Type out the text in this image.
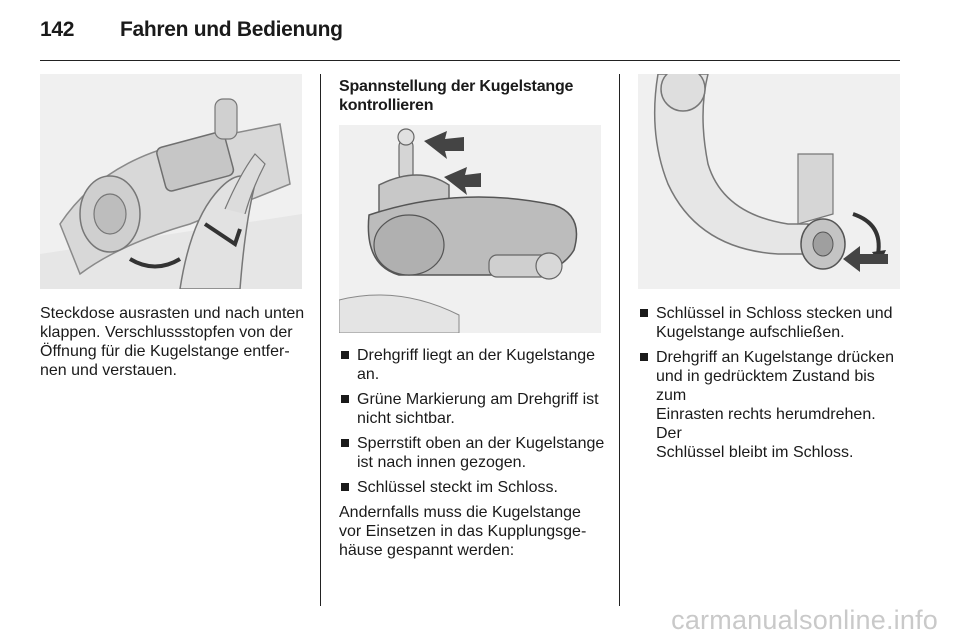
142 Fahren und Bedienung

Steckdose ausrasten und nach unten
klappen. Verschlussstopfen von der
Öffnung für die Kugelstange entfer-
nen und verstauen.

Spannstellung der Kugelstange
kontrollieren

Drehgriff liegt an der Kugelstange
an.
Grüne Markierung am Drehgriff ist
nicht sichtbar.
Sperrstift oben an der Kugelstange
ist nach innen gezogen.
Schlüssel steckt im Schloss.

Andernfalls muss die Kugelstange
vor Einsetzen in das Kupplungsge-
häuse gespannt werden:

Schlüssel in Schloss stecken und
Kugelstange aufschließen.
Drehgriff an Kugelstange drücken
und in gedrücktem Zustand bis zum
Einrasten rechts herumdrehen. Der
Schlüssel bleibt im Schloss.
carmanualsonline.info
